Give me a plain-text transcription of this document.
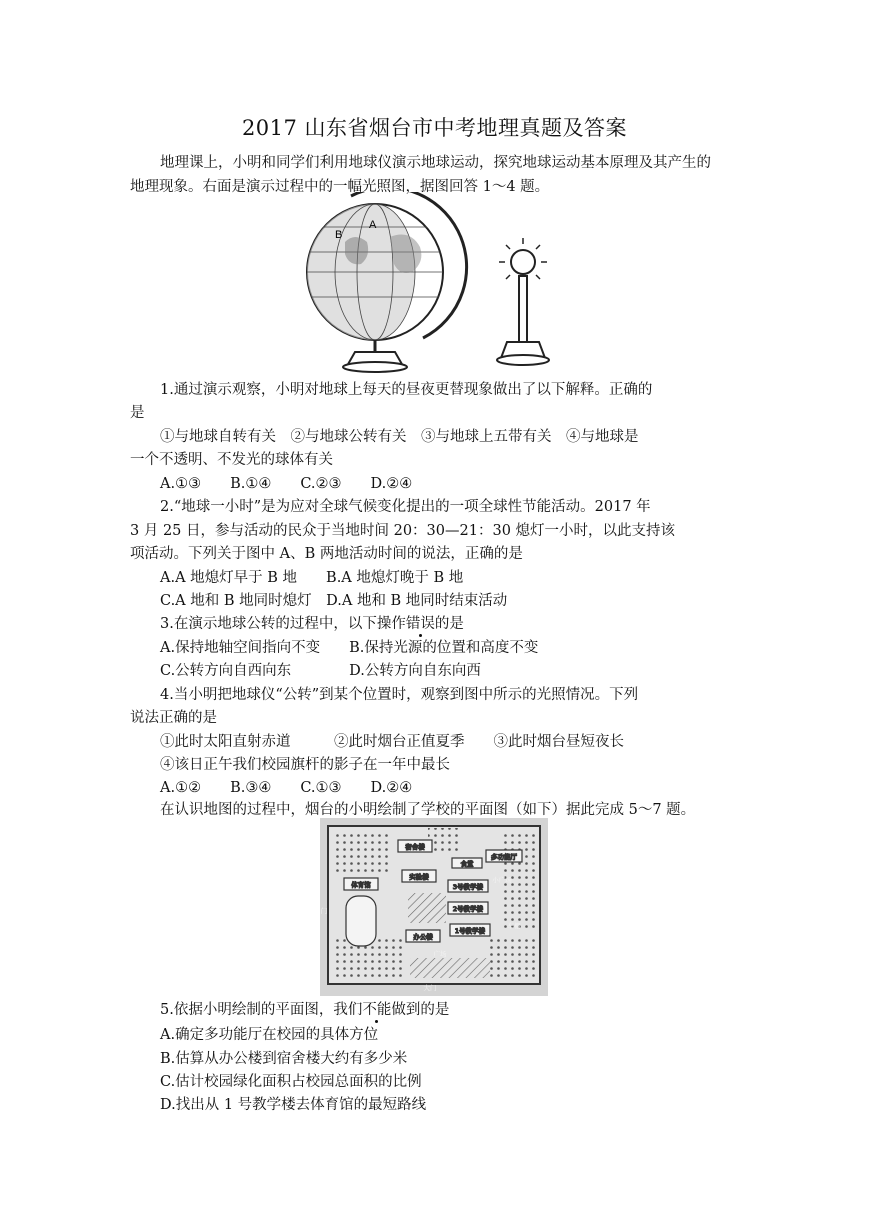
2017 山东省烟台市中考地理真题及答案
地理课上，小明和同学们利用地球仪演示地球运动，探究地球运动基本原理及其产生的
地理现象。右面是演示过程中的一幅光照图，据图回答 1～4 题。
B
A
1.通过演示观察，小明对地球上每天的昼夜更替现象做出了以下解释。正确的
是
①与地球自转有关　②与地球公转有关　③与地球上五带有关　④与地球是
一个不透明、不发光的球体有关
A.①③　　B.①④　　C.②③　　D.②④
2.“地球一小时”是为应对全球气候变化提出的一项全球性节能活动。2017 年
3 月 25 日，参与活动的民众于当地时间 20：30—21：30 熄灯一小时，以此支持该
项活动。下列关于图中 A、B 两地活动时间的说法，正确的是
A.A 地熄灯早于 B 地　　B.A 地熄灯晚于 B 地
C.A 地和 B 地同时熄灯　D.A 地和 B 地同时结束活动
3.在演示地球公转的过程中，以下操作错误的是
A.保持地轴空间指向不变　　B.保持光源的位置和高度不变
C.公转方向自西向东　　　　D.公转方向自东向西
4.当小明把地球仪“公转”到某个位置时，观察到图中所示的光照情况。下列
说法正确的是
①此时太阳直射赤道　　　②此时烟台正值夏季　　③此时烟台昼短夜长
④该日正午我们校园旗杆的影子在一年中最长
A.①②　　B.③④　　C.①③　　D.②④
在认识地图的过程中，烟台的小明绘制了学校的平面图（如下）据此完成 5～7 题。
宿舍楼
多功能厅
食堂
实验楼
3号教学楼
小广场
体育馆
操
场
2号教学楼
车棚
办公楼
1号教学楼
广场
大门
门
5.依据小明绘制的平面图，我们不能做到的是
A.确定多功能厅在校园的具体方位
B.估算从办公楼到宿舍楼大约有多少米
C.估计校园绿化面积占校园总面积的比例
D.找出从 1 号教学楼去体育馆的最短路线
